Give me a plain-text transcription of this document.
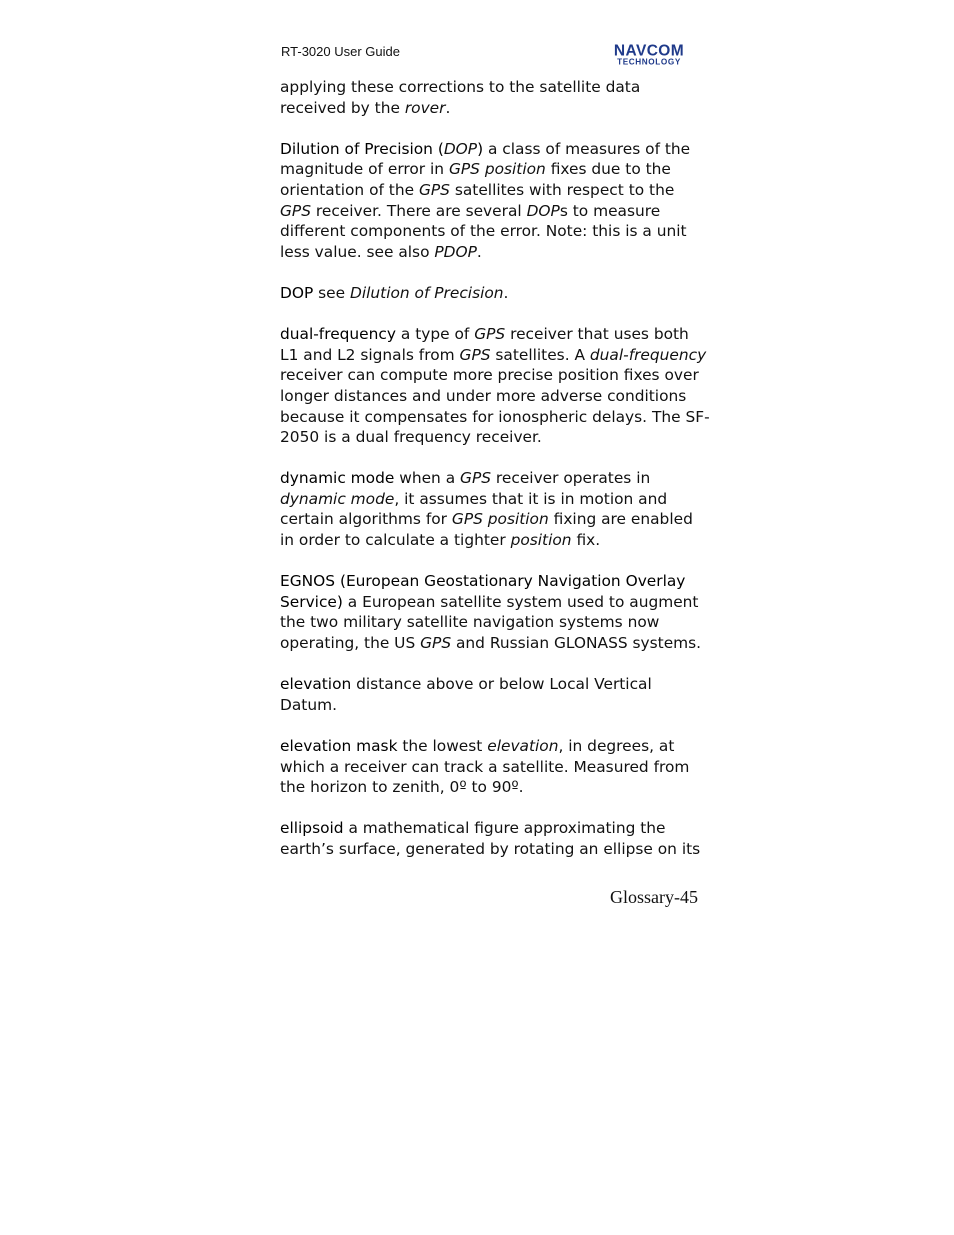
RT-3020 User Guide	NAVCOM
TECHNOLOGY

applying these corrections to the satellite data received by the rover.

Dilution of Precision (DOP) a class of measures of the magnitude of error in GPS position fixes due to the orientation of the GPS satellites with respect to the GPS receiver. There are several DOPs to measure different components of the error. Note: this is a unit less value. see also PDOP.

DOP see Dilution of Precision.

dual-frequency a type of GPS receiver that uses both L1 and L2 signals from GPS satellites. A dual-frequency receiver can compute more precise position fixes over longer distances and under more adverse conditions because it compensates for ionospheric delays. The SF-2050 is a dual frequency receiver.

dynamic mode when a GPS receiver operates in dynamic mode, it assumes that it is in motion and certain algorithms for GPS position fixing are enabled in order to calculate a tighter position fix.

EGNOS (European Geostationary Navigation Overlay Service) a European satellite system used to augment the two military satellite navigation systems now operating, the US GPS and Russian GLONASS systems.

elevation distance above or below Local Vertical Datum.

elevation mask the lowest elevation, in degrees, at which a receiver can track a satellite. Measured from the horizon to zenith, 0º to 90º.

ellipsoid a mathematical figure approximating the earth’s surface, generated by rotating an ellipse on its

Glossary-45
